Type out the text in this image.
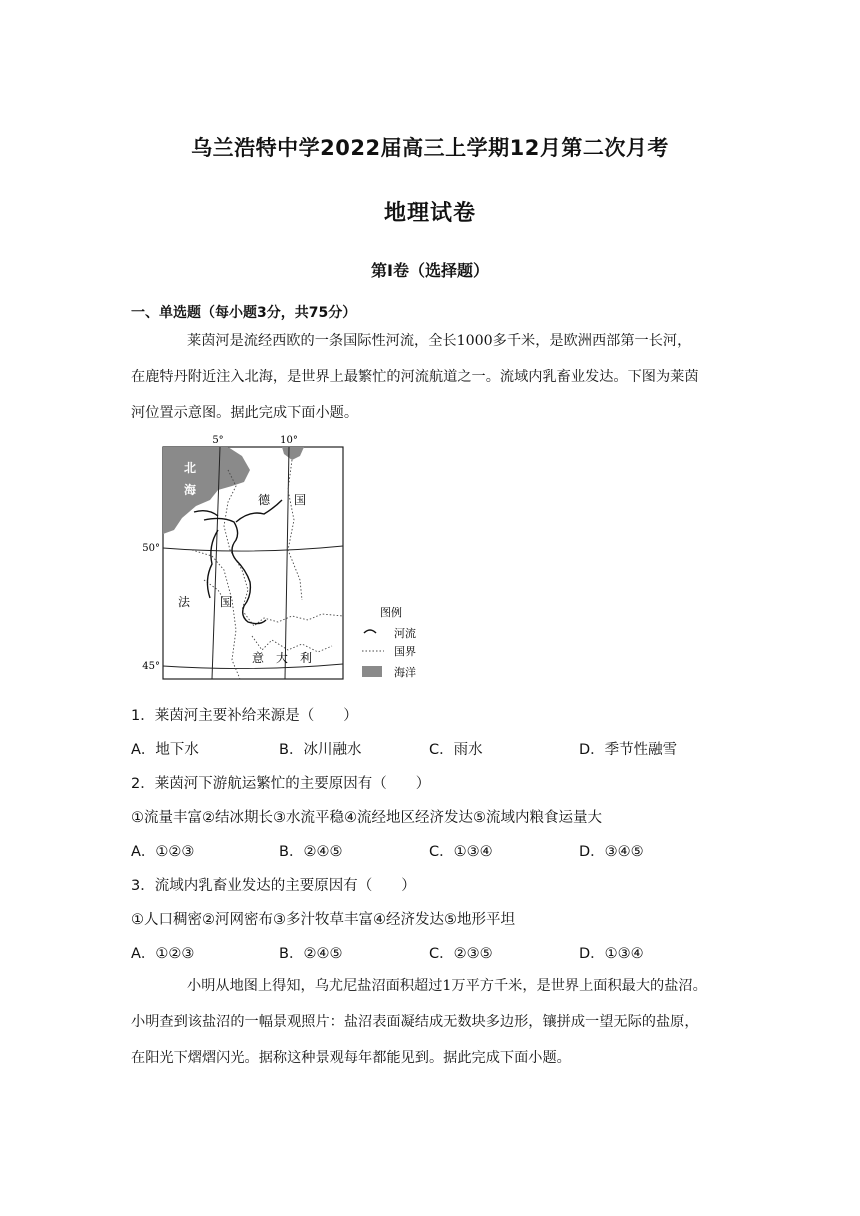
乌兰浩特中学2022届高三上学期12月第二次月考
地理试卷
第Ⅰ卷（选择题）
一、单选题（每小题3分，共75分）

莱茵河是流经西欧的一条国际性河流，全长1000多千米，是欧洲西部第一长河，

在鹿特丹附近注入北海，是世界上最繁忙的河流航道之一。流域内乳畜业发达。下图为莱茵

河位置示意图。据此完成下面小题。

5°	10°
50°
45°
北
海
德 国
法 国
意　大　利
图例
河流
国界
海洋
1．莱茵河主要补给来源是（　　）
A．地下水	B．冰川融水	C．雨水	D．季节性融雪
2．莱茵河下游航运繁忙的主要原因有（　　）
①流量丰富②结冰期长③水流平稳④流经地区经济发达⑤流域内粮食运量大
A．①②③	B．②④⑤	C．①③④	D．③④⑤
3．流域内乳畜业发达的主要原因有（　　）
①人口稠密②河网密布③多汁牧草丰富④经济发达⑤地形平坦
A．①②③	B．②④⑤	C．②③⑤	D．①③④

小明从地图上得知，乌尤尼盐沼面积超过1万平方千米，是世界上面积最大的盐沼。

小明查到该盐沼的一幅景观照片：盐沼表面凝结成无数块多边形，镶拼成一望无际的盐原，

在阳光下熠熠闪光。据称这种景观每年都能见到。据此完成下面小题。
